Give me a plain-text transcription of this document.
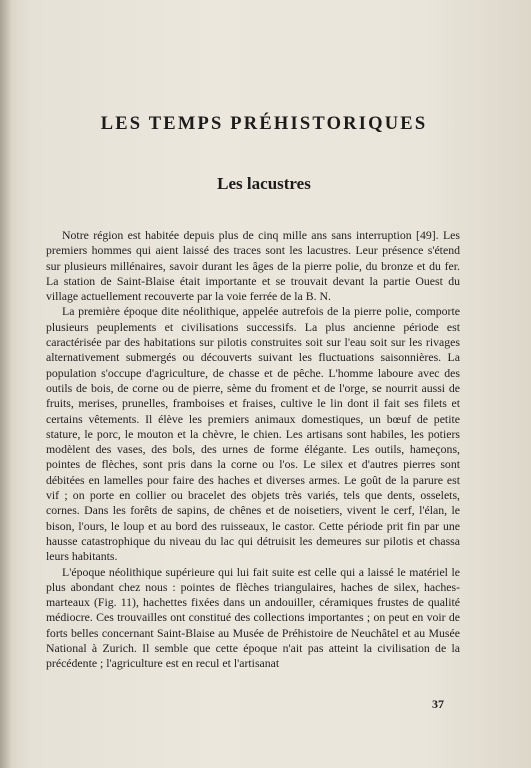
LES TEMPS PRÉHISTORIQUES
Les lacustres

Notre région est habitée depuis plus de cinq mille ans sans interruption [49]. Les premiers hommes qui aient laissé des traces sont les lacustres. Leur présence s'étend sur plusieurs millénaires, savoir durant les âges de la pierre polie, du bronze et du fer. La station de Saint-Blaise était importante et se trouvait devant la partie Ouest du village actuellement recouverte par la voie ferrée de la B. N.

La première époque dite néolithique, appelée autrefois de la pierre polie, comporte plusieurs peuplements et civilisations successifs. La plus ancienne période est caractérisée par des habitations sur pilotis construites soit sur l'eau soit sur les rivages alternativement submergés ou découverts suivant les fluctuations saisonnières. La population s'occupe d'agriculture, de chasse et de pêche. L'homme laboure avec des outils de bois, de corne ou de pierre, sème du froment et de l'orge, se nourrit aussi de fruits, merises, prunelles, framboises et fraises, cultive le lin dont il fait ses filets et certains vêtements. Il élève les premiers animaux domestiques, un bœuf de petite stature, le porc, le mouton et la chèvre, le chien. Les artisans sont habiles, les potiers modèlent des vases, des bols, des urnes de forme élégante. Les outils, hameçons, pointes de flèches, sont pris dans la corne ou l'os. Le silex et d'autres pierres sont débitées en lamelles pour faire des haches et diverses armes. Le goût de la parure est vif ; on porte en collier ou bracelet des objets très variés, tels que dents, osselets, cornes. Dans les forêts de sapins, de chênes et de noisetiers, vivent le cerf, l'élan, le bison, l'ours, le loup et au bord des ruisseaux, le castor. Cette période prit fin par une hausse catastrophique du niveau du lac qui détruisit les demeures sur pilotis et chassa leurs habitants.

L'époque néolithique supérieure qui lui fait suite est celle qui a laissé le matériel le plus abondant chez nous : pointes de flèches triangulaires, haches de silex, haches-marteaux (Fig. 11), hachettes fixées dans un andouiller, céramiques frustes de qualité médiocre. Ces trouvailles ont constitué des collections importantes ; on peut en voir de forts belles concernant Saint-Blaise au Musée de Préhistoire de Neuchâtel et au Musée National à Zurich. Il semble que cette époque n'ait pas atteint la civilisation de la précédente ; l'agriculture est en recul et l'artisanat

37
